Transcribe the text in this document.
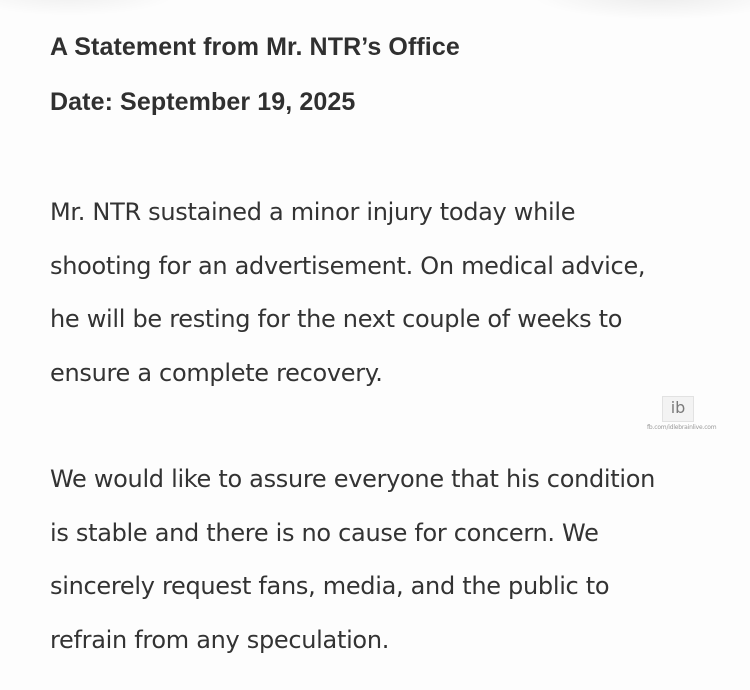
A Statement from Mr. NTR’s Office
Date: September 19, 2025

Mr. NTR sustained a minor injury today while
shooting for an advertisement. On medical advice,
he will be resting for the next couple of weeks to
ensure a complete recovery.

ib
fb.com/idlebrainlive.com

We would like to assure everyone that his condition
is stable and there is no cause for concern. We
sincerely request fans, media, and the public to
refrain from any speculation.
